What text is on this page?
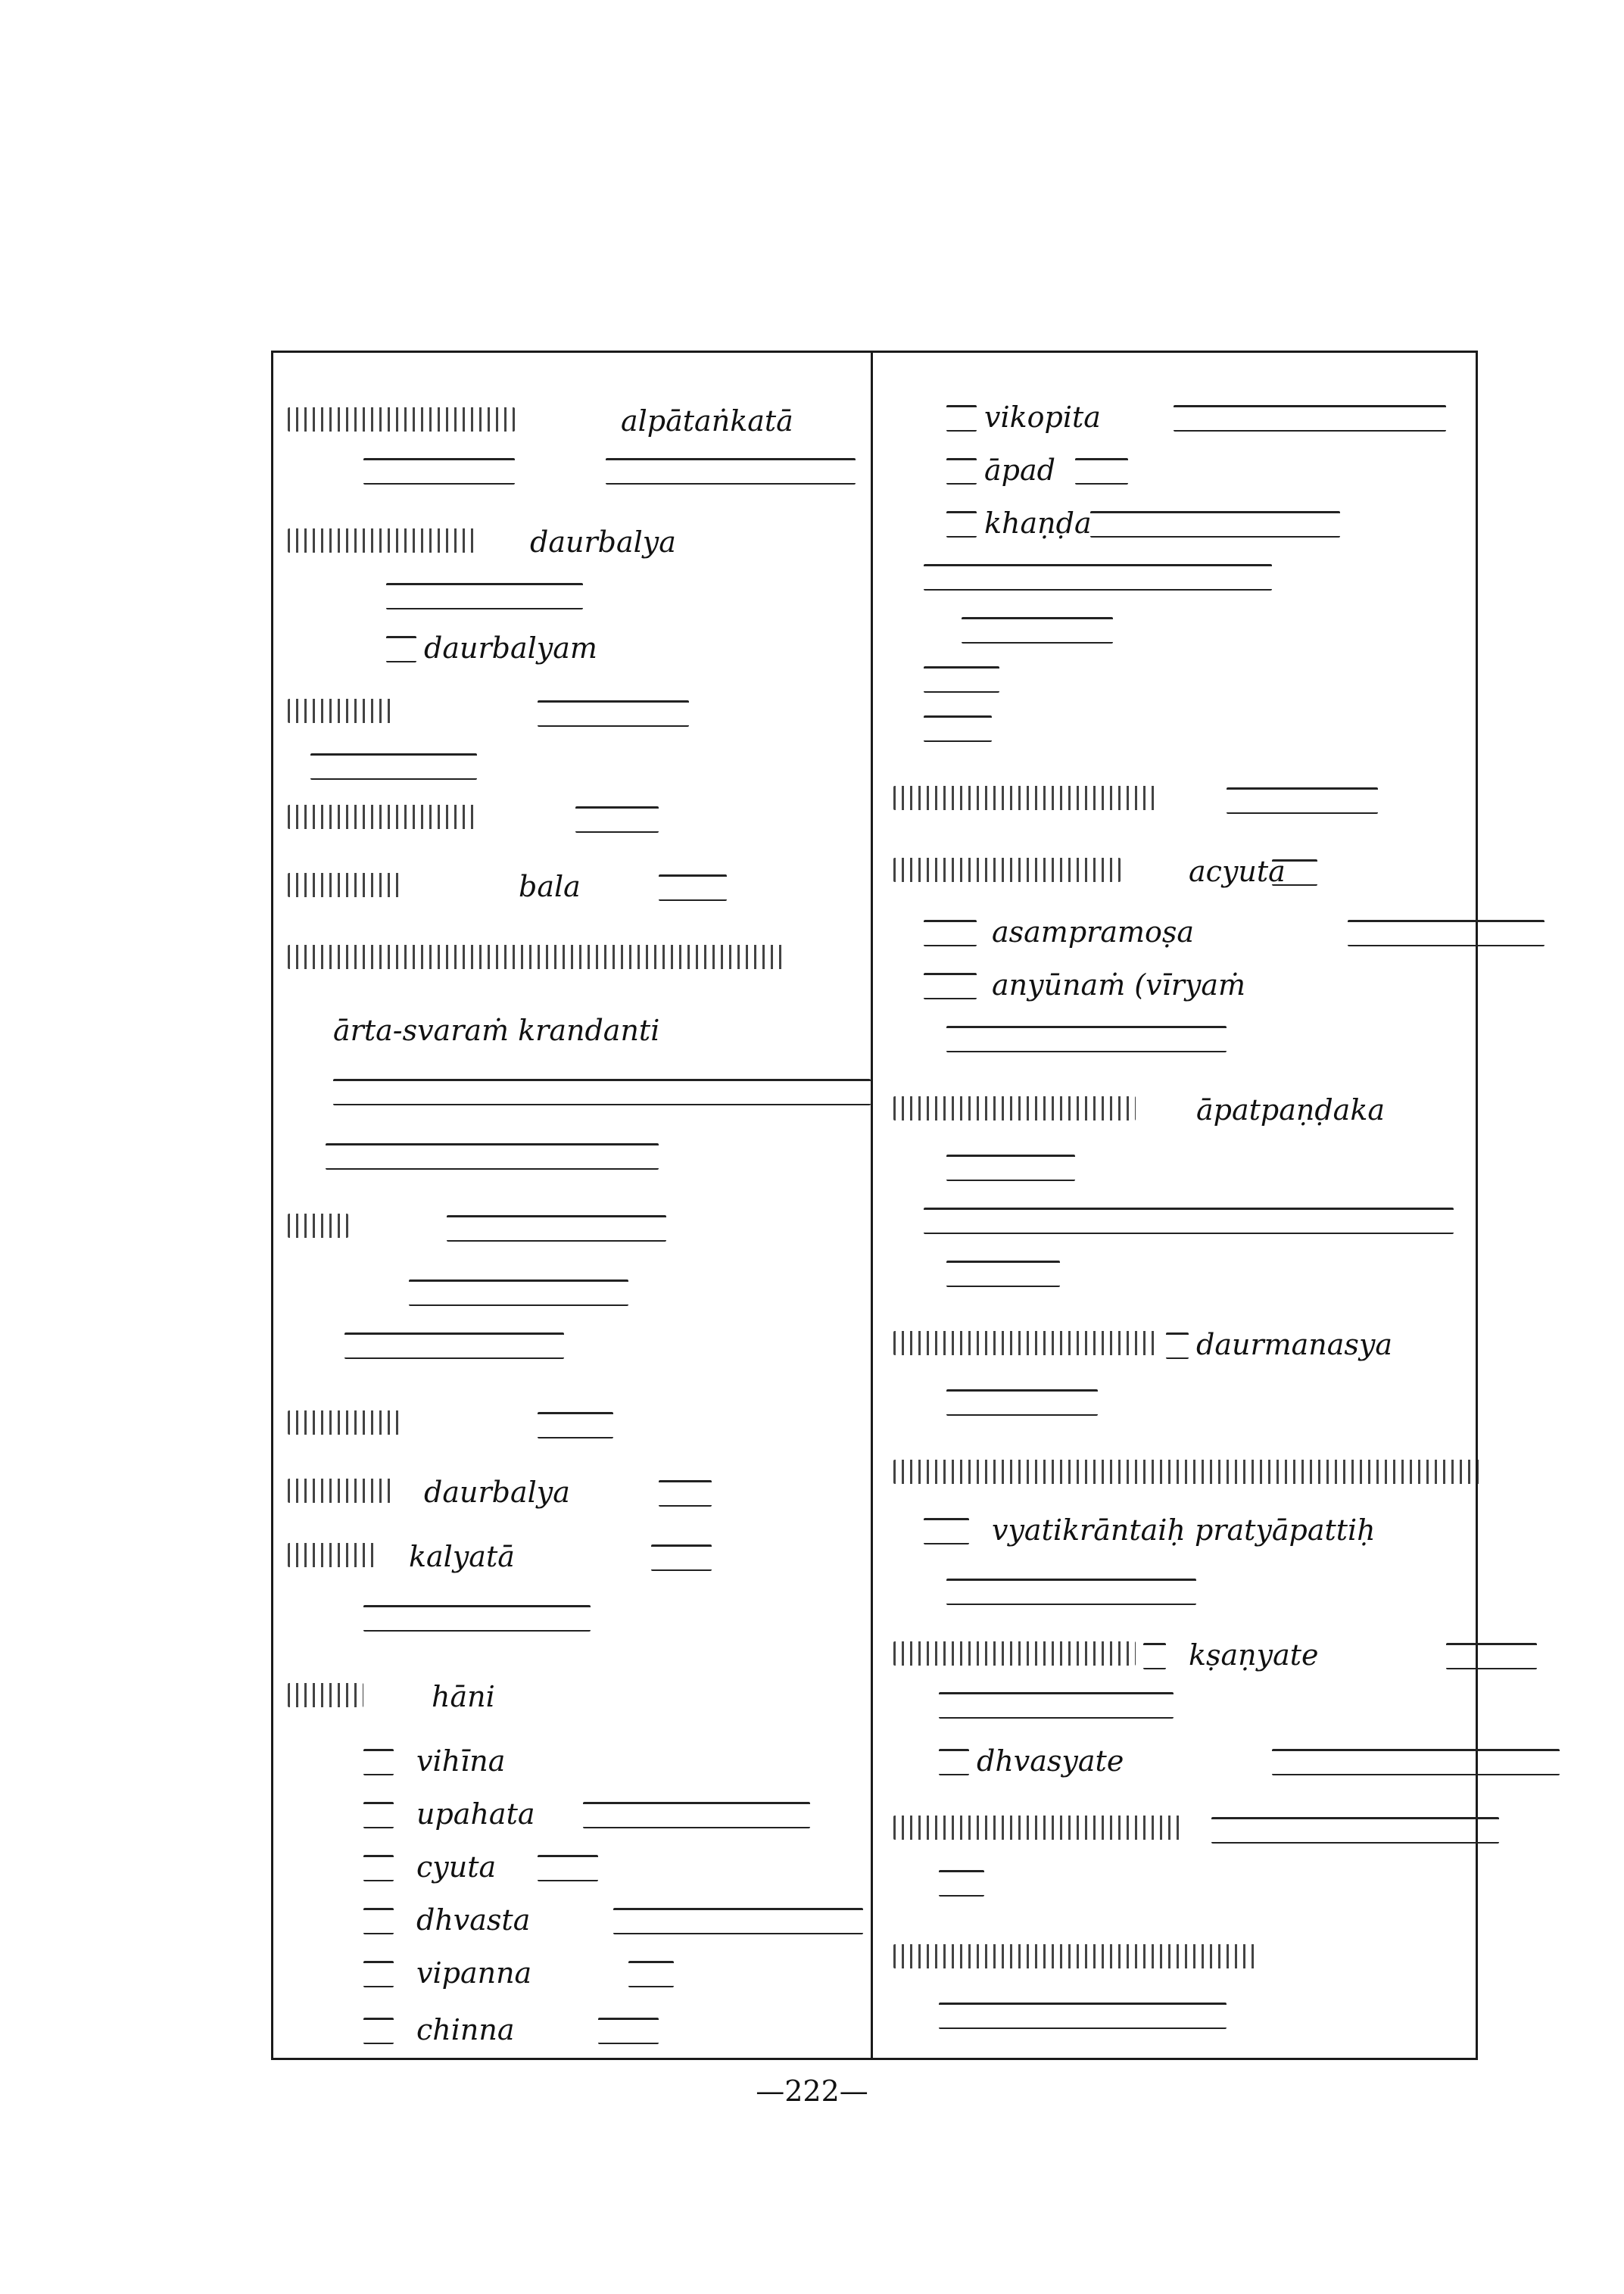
alpātaṅkatā
daurbalya
daurbalyam
bala
ārta-svaraṁ krandanti
daurbalya
kalyatā
hāni
vihīna
upahata
cyuta
dhvasta
vipanna
chinna
vikopita
āpad
khaṇḍa
acyuta
asampramoṣa
anyūnaṁ (vīryaṁ
āpatpaṇḍaka
daurmanasya
vyatikrāntaiḥ pratyāpattiḥ
kṣaṇyate
dhvasyate
—222—
